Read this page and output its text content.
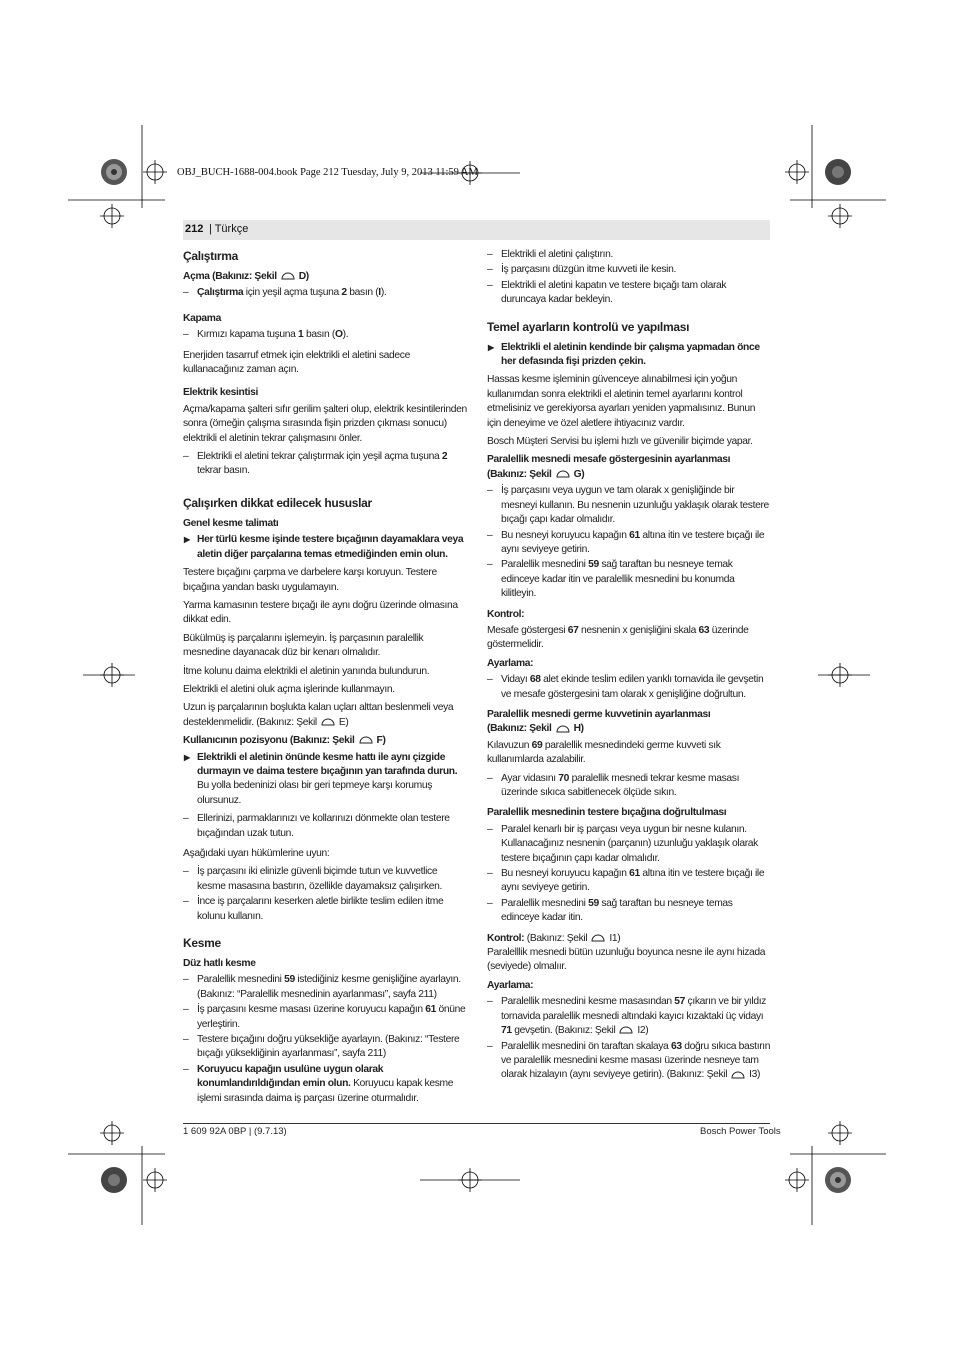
OBJ_BUCH-1688-004.book Page 212 Tuesday, July 9, 2013 11:59 AM
212 | Türkçe
Çalıştırma
Açma (Bakınız: Şekil D)
– Çalıştırma için yeşil açma tuşuna 2 basın (I).
Kapama
– Kırmızı kapama tuşuna 1 basın (O).

Enerjiden tasarruf etmek için elektrikli el aletini sadece kullanacağınız zaman açın.

Elektrik kesintisi

Açma/kapama şalteri sıfır gerilim şalteri olup, elektrik kesintilerinden sonra (örneğin çalışma sırasında fişin prizden çıkması sonucu) elektrikli el aletinin tekrar çalışmasını önler.

– Elektrikli el aletini tekrar çalıştırmak için yeşil açma tuşuna 2 tekrar basın.
Çalışırken dikkat edilecek hususlar
Genel kesme talimatı
▶ Her türlü kesme işinde testere bıçağının dayamaklara veya aletin diğer parçalarına temas etmediğinden emin olun.

Testere bıçağını çarpma ve darbelere karşı koruyun. Testere bıçağına yandan baskı uygulamayın.

Yarma kamasının testere bıçağı ile aynı doğru üzerinde olmasına dikkat edin.

Bükülmüş iş parçalarını işlemeyin. İş parçasının paralellik mesnedine dayanacak düz bir kenarı olmalıdır.

İtme kolunu daima elektrikli el aletinin yanında bulundurun.

Elektrikli el aletini oluk açma işlerinde kullanmayın.

Uzun iş parçalarının boşlukta kalan uçları alttan beslenmeli veya desteklenmelidir. (Bakınız: Şekil E)

Kullanıcının pozisyonu (Bakınız: Şekil F)
▶ Elektrikli el aletinin önünde kesme hattı ile aynı çizgide durmayın ve daima testere bıçağının yan tarafında durun. Bu yolla bedeninizi olası bir geri tepmeye karşı korumuş olursunuz.
– Ellerinizi, parmaklarınızı ve kollarınızı dönmekte olan testere bıçağından uzak tutun.

Aşağıdaki uyarı hükümlerine uyun:

– İş parçasını iki elinizle güvenli biçimde tutun ve kuvvetlice kesme masasına bastırın, özellikle dayamaksız çalışırken.
– İnce iş parçalarını keserken aletle birlikte teslim edilen itme kolunu kullanın.
Kesme
Düz hatlı kesme
– Paralellik mesnedini 59 istediğiniz kesme genişliğine ayarlayın. (Bakınız: “Paralellik mesnedinin ayarlanması”, sayfa 211)
– İş parçasını kesme masası üzerine koruyucu kapağın 61 önüne yerleştirin.
– Testere bıçağını doğru yüksekliğe ayarlayın. (Bakınız: “Testere bıçağı yüksekliğinin ayarlanması”, sayfa 211)
– Koruyucu kapağın usulüne uygun olarak konumlandırıldığından emin olun. Koruyucu kapak kesme işlemi sırasında daima iş parçası üzerine oturmalıdır.
– Elektrikli el aletini çalıştırın.
– İş parçasını düzgün itme kuvveti ile kesin.
– Elektrikli el aletini kapatın ve testere bıçağı tam olarak duruncaya kadar bekleyin.
Temel ayarların kontrolü ve yapılması
▶ Elektrikli el aletinin kendinde bir çalışma yapmadan önce her defasında fişi prizden çekin.

Hassas kesme işleminin güvenceye alınabilmesi için yoğun kullanımdan sonra elektrikli el aletinin temel ayarlarını kontrol etmelisiniz ve gerekiyorsa ayarları yeniden yapmalısınız. Bunun için deneyime ve özel aletlere ihtiyacınız vardır.

Bosch Müşteri Servisi bu işlemi hızlı ve güvenilir biçimde yapar.

Paralellik mesnedi mesafe göstergesinin ayarlanması
(Bakınız: Şekil G)
– İş parçasını veya uygun ve tam olarak x genişliğinde bir mesneyi kullanın. Bu nesnenin uzunluğu yaklaşık olarak testere bıçağı çapı kadar olmalıdır.
– Bu nesneyi koruyucu kapağın 61 altına itin ve testere bıçağı ile aynı seviyeye getirin.
– Paralellik mesnedini 59 sağ taraftan bu nesneye temak edinceye kadar itin ve paralellik mesnedini bu konumda kilitleyin.
Kontrol:

Mesafe göstergesi 67 nesnenin x genişliğini skala 63 üzerinde göstermelidir.

Ayarlama:
– Vidayı 68 alet ekinde teslim edilen yarıklı tornavida ile gevşetin ve mesafe göstergesini tam olarak x genişliğine doğrultun.
Paralellik mesnedi germe kuvvetinin ayarlanması
(Bakınız: Şekil H)

Kılavuzun 69 paralellik mesnedindeki germe kuvveti sık kullanımlarda azalabilir.

– Ayar vidasını 70 paralellik mesnedi tekrar kesme masası üzerinde sıkıca sabitlenecek ölçüde sıkın.
Paralellik mesnedinin testere bıçağına doğrultulması
– Paralel kenarlı bir iş parçası veya uygun bir nesne kulanın. Kullanacağınız nesnenin (parçanın) uzunluğu yaklaşık olarak testere bıçağının çapı kadar olmalıdır.
– Bu nesneyi koruyucu kapağın 61 altına itin ve testere bıçağı ile aynı seviyeye getirin.
– Paralellik mesnedini 59 sağ taraftan bu nesneye temas edinceye kadar itin.

Kontrol: (Bakınız: Şekil I1)
Paralelllik mesnedi bütün uzunluğu boyunca nesne ile aynı hizada (seviyede) olmalıır.

Ayarlama:
– Paralellik mesnedini kesme masasından 57 çıkarın ve bir yıldız tornavida paralellik mesnedi altındaki kayıcı kızaktaki üç vidayı 71 gevşetin. (Bakınız: Şekil I2)
– Paralellik mesnedini ön taraftan skalaya 63 doğru sıkıca bastırın ve paralellik mesnedini kesme masası üzerinde nesneye tam olarak hizalayın (aynı seviyeye getirin). (Bakınız: Şekil I3)
1 609 92A 0BP | (9.7.13)	Bosch Power Tools
